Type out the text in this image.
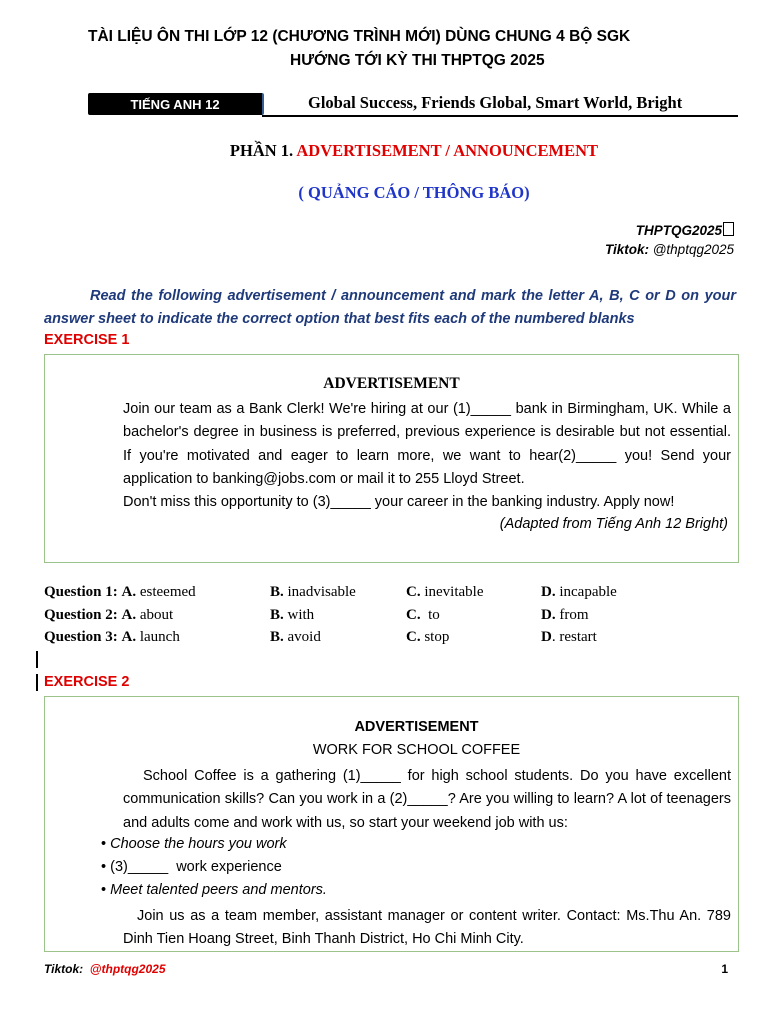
TÀI LIỆU ÔN THI LỚP 12 (CHƯƠNG TRÌNH MỚI) DÙNG CHUNG 4 BỘ SGK
HƯỚNG TỚI KỲ THI THPTQG 2025
TIẾNG ANH 12	Global Success, Friends Global, Smart World, Bright
PHẦN 1. ADVERTISEMENT / ANNOUNCEMENT
( QUẢNG CÁO / THÔNG BÁO)
THPTQG2025
Tiktok: @thptqg2025
Read the following advertisement / announcement and mark the letter A, B, C or D on your answer sheet to indicate the correct option that best fits each of the numbered blanks
EXERCISE 1
ADVERTISEMENT
Join our team as a Bank Clerk! We're hiring at our (1)_____ bank in Birmingham, UK. While a bachelor's degree in business is preferred, previous experience is desirable but not essential. If you're motivated and eager to learn more, we want to hear(2)_____ you! Send your application to banking@jobs.com or mail it to 255 Lloyd Street.
Don't miss this opportunity to (3)_____ your career in the banking industry. Apply now!
(Adapted from Tiếng Anh 12 Bright)
Question 1: A. esteemed	B. inadvisable	C. inevitable	D. incapable
Question 2: A. about	B. with	C.  to	D. from
Question 3: A. launch	B. avoid	C. stop	D. restart
EXERCISE 2
ADVERTISEMENT
WORK FOR SCHOOL COFFEE
School Coffee is a gathering (1)_____ for high school students. Do you have excellent communication skills? Can you work in a (2)_____? Are you willing to learn? A lot of teenagers and adults come and work with us, so start your weekend job with us:
• Choose the hours you work
• (3)_____  work experience
• Meet talented peers and mentors.
Join us as a team member, assistant manager or content writer. Contact: Ms.Thu An. 789 Dinh Tien Hoang Street, Binh Thanh District, Ho Chi Minh City.
Tiktok: @thptqg2025	1
